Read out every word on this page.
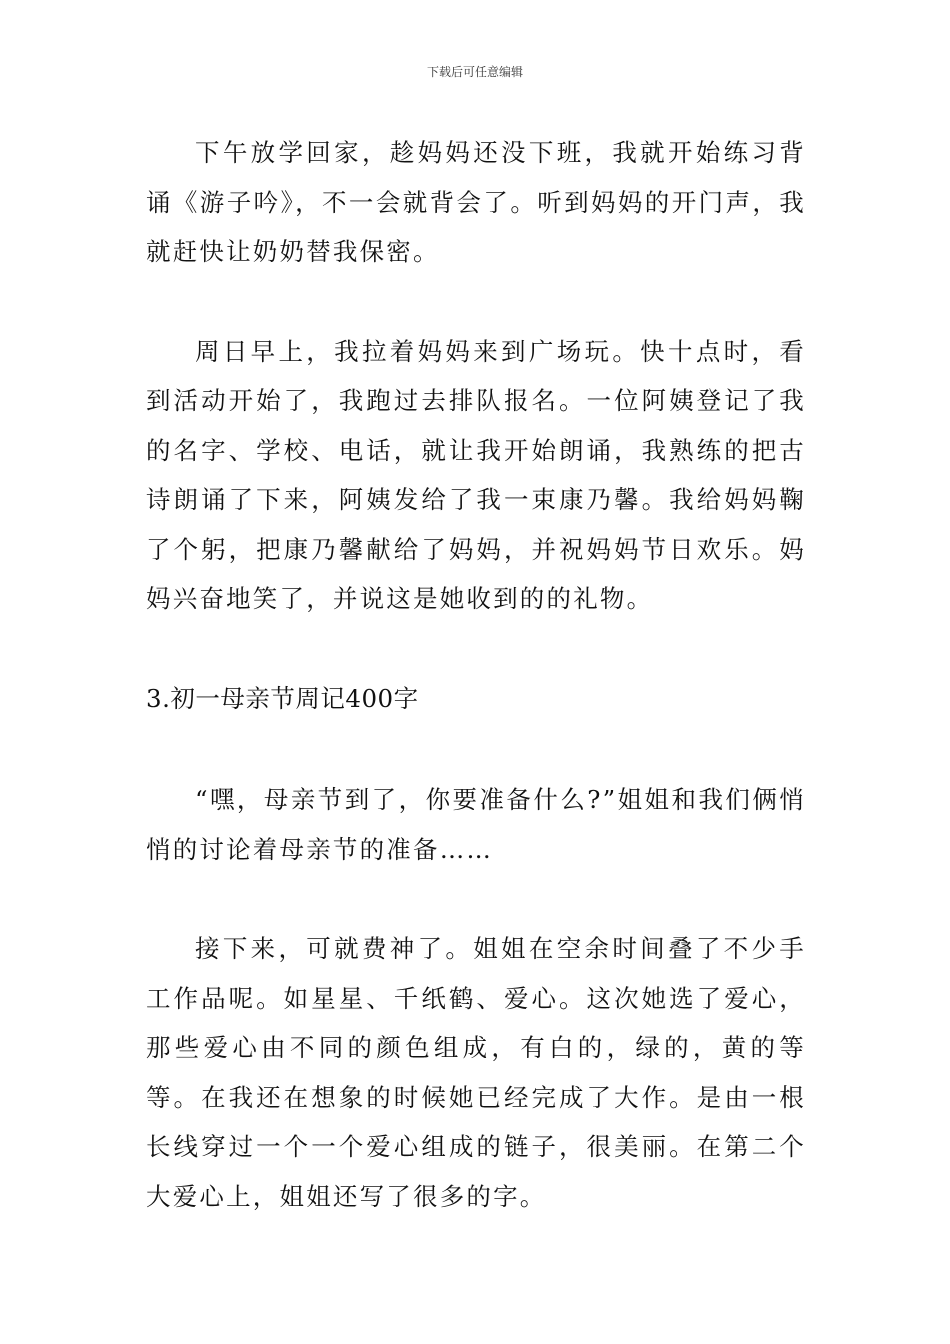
下载后可任意编辑

下午放学回家，趁妈妈还没下班，我就开始练习背诵《游子吟》，不一会就背会了。听到妈妈的开门声，我就赶快让奶奶替我保密。

周日早上，我拉着妈妈来到广场玩。快十点时，看到活动开始了，我跑过去排队报名。一位阿姨登记了我的名字、学校、电话，就让我开始朗诵，我熟练的把古诗朗诵了下来，阿姨发给了我一束康乃馨。我给妈妈鞠了个躬，把康乃馨献给了妈妈，并祝妈妈节日欢乐。妈妈兴奋地笑了，并说这是她收到的的礼物。

3.初一母亲节周记400字

“嘿，母亲节到了，你要准备什么?”姐姐和我们俩悄悄的讨论着母亲节的准备……

接下来，可就费神了。姐姐在空余时间叠了不少手工作品呢。如星星、千纸鹤、爱心。这次她选了爱心，那些爱心由不同的颜色组成，有白的，绿的，黄的等等。在我还在想象的时候她已经完成了大作。是由一根长线穿过一个一个爱心组成的链子，很美丽。在第二个大爱心上，姐姐还写了很多的字。
